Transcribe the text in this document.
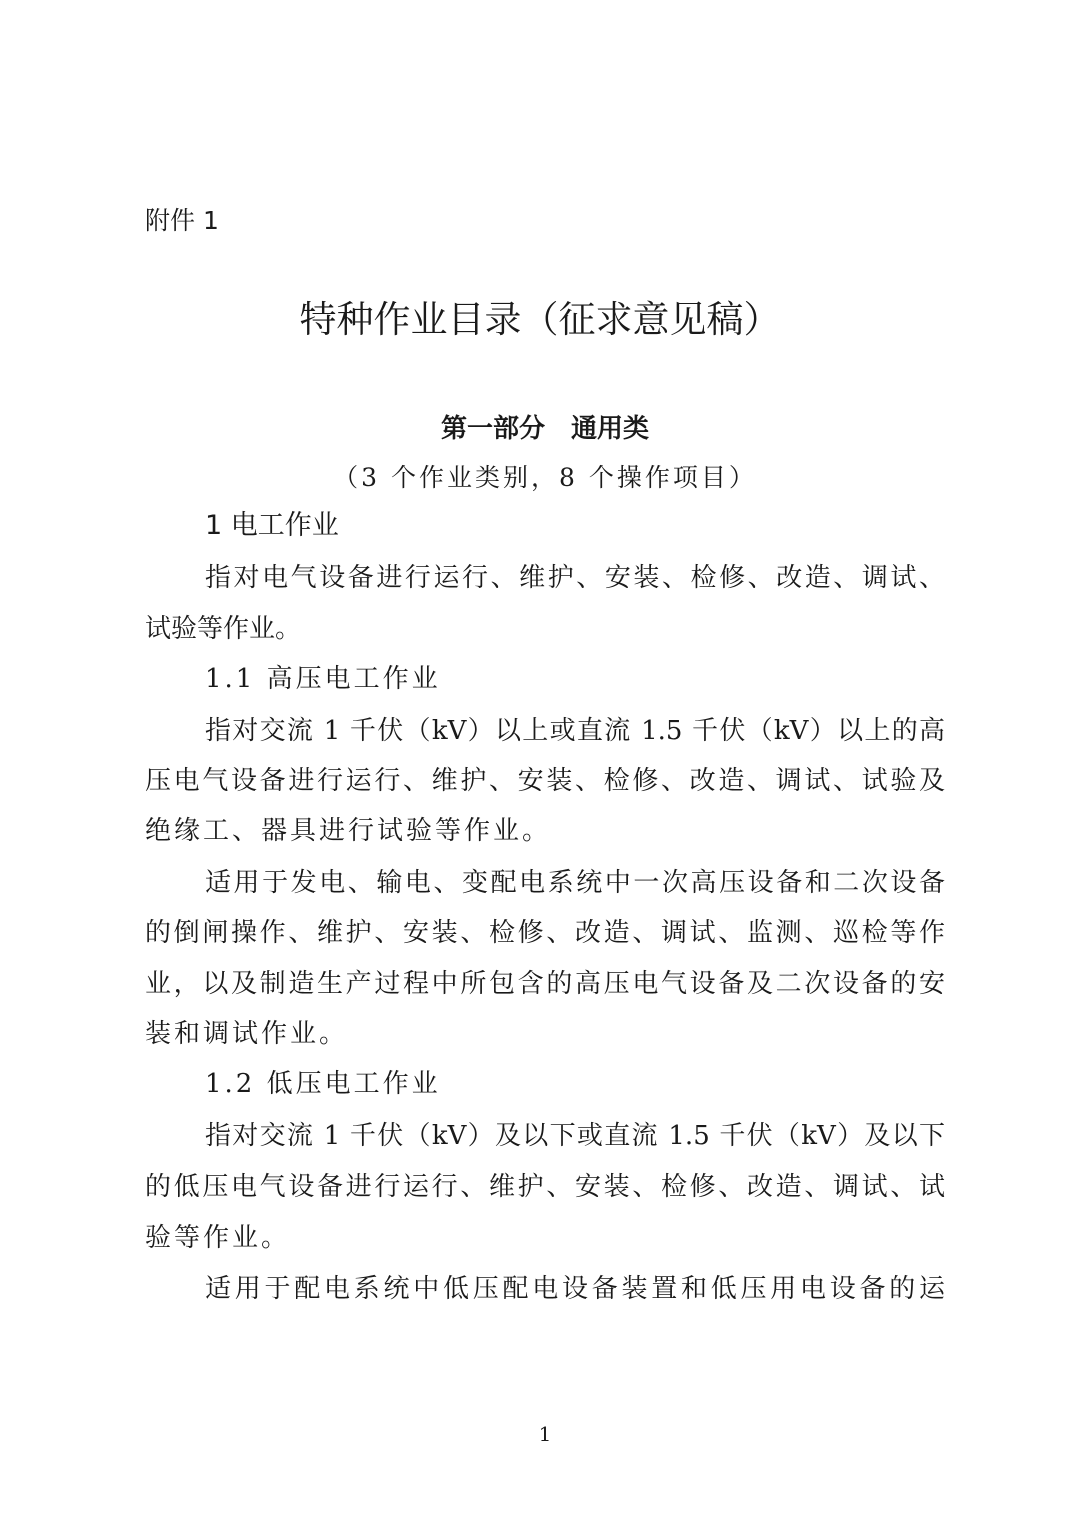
附件 1
特种作业目录（征求意见稿）
第一部分　通用类
（3 个作业类别，8 个操作项目）
1 电工作业
指对电气设备进行运行、维护、安装、检修、改造、调试、
试验等作业。
1.1 高压电工作业
指对交流 1 千伏（kV）以上或直流 1.5 千伏（kV）以上的高
压电气设备进行运行、维护、安装、检修、改造、调试、试验及
绝缘工、器具进行试验等作业。
适用于发电、输电、变配电系统中一次高压设备和二次设备
的倒闸操作、维护、安装、检修、改造、调试、监测、巡检等作
业，以及制造生产过程中所包含的高压电气设备及二次设备的安
装和调试作业。
1.2 低压电工作业
指对交流 1 千伏（kV）及以下或直流 1.5 千伏（kV）及以下
的低压电气设备进行运行、维护、安装、检修、改造、调试、试
验等作业。
适用于配电系统中低压配电设备装置和低压用电设备的运
1
